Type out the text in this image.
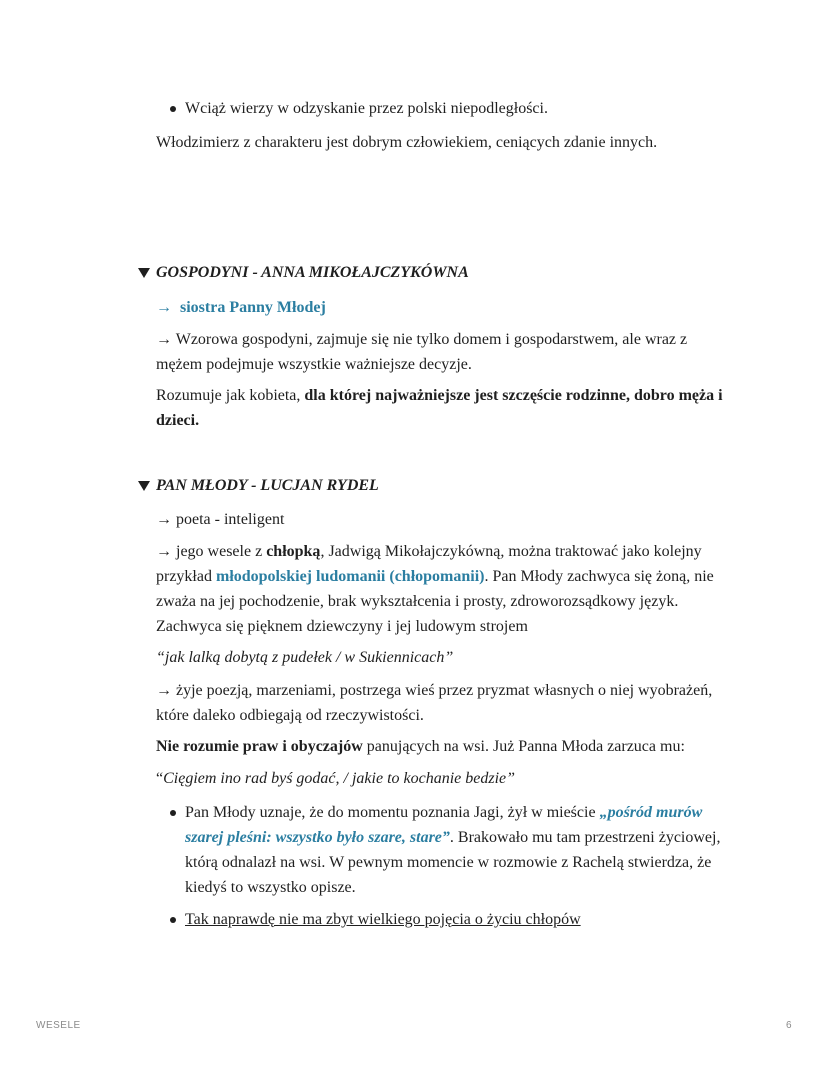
Wciąż wierzy w odzyskanie przez polski niepodległości.

Włodzimierz z charakteru jest dobrym człowiekiem, ceniących zdanie innych.

GOSPODYNI - ANNA MIKOŁAJCZYKÓWNA

→ siostra Panny Młodej

→ Wzorowa gospodyni, zajmuje się nie tylko domem i gospodarstwem, ale wraz z mężem podejmuje wszystkie ważniejsze decyzje.

Rozumuje jak kobieta, dla której najważniejsze jest szczęście rodzinne, dobro męża i dzieci.

PAN MŁODY - LUCJAN RYDEL

→ poeta - inteligent

→ jego wesele z chłopką, Jadwigą Mikołajczykówną, można traktować jako kolejny przykład młodopolskiej ludomanii (chłopomanii). Pan Młody zachwyca się żoną, nie zważa na jej pochodzenie, brak wykształcenia i prosty, zdroworozsądkowy język. Zachwyca się pięknem dziewczyny i jej ludowym strojem

“jak lalką dobytą z pudełek / w Sukiennicach”

→ żyje poezją, marzeniami, postrzega wieś przez pryzmat własnych o niej wyobrażeń, które daleko odbiegają od rzeczywistości.

Nie rozumie praw i obyczajów panujących na wsi. Już Panna Młoda zarzuca mu:

“Cięgiem ino rad byś godać, / jakie to kochanie bedzie”

Pan Młody uznaje, że do momentu poznania Jagi, żył w mieście „pośród murów szarej pleśni: wszystko było szare, stare”. Brakowało mu tam przestrzeni życiowej, którą odnalazł na wsi. W pewnym momencie w rozmowie z Rachelą stwierdza, że kiedyś to wszystko opisze.
Tak naprawdę nie ma zbyt wielkiego pojęcia o życiu chłopów
WESELE	6
